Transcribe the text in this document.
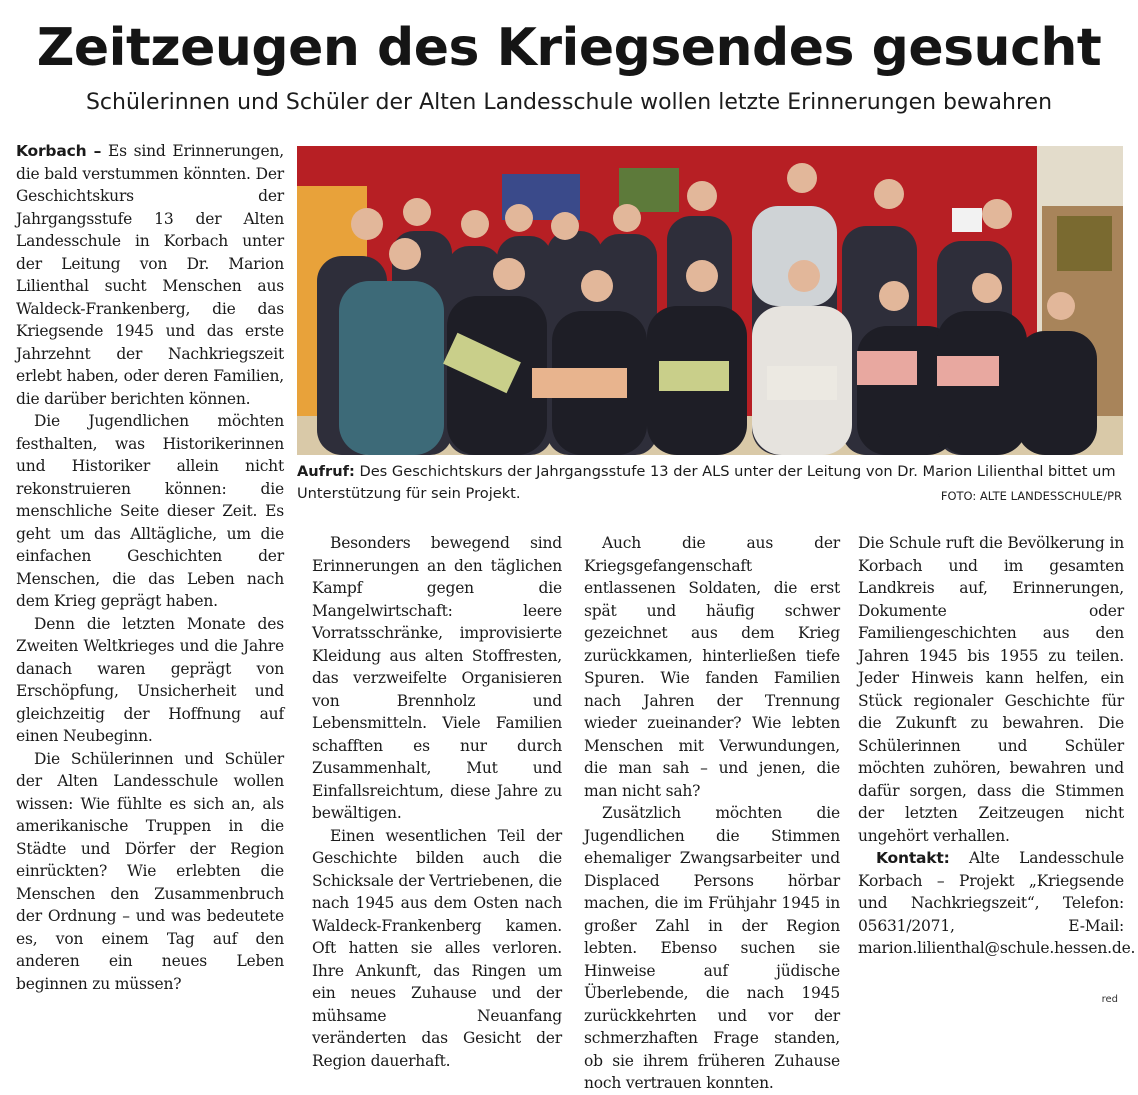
Zeitzeugen des Kriegsendes gesucht
Schülerinnen und Schüler der Alten Landesschule wollen letzte Erinnerungen bewahren

Korbach – Es sind Erinnerungen, die bald verstummen könnten. Der Geschichtskurs der Jahrgangsstufe 13 der Alten Landesschule in Korbach unter der Leitung von Dr. Marion Lilienthal sucht Menschen aus Waldeck-Frankenberg, die das Kriegsende 1945 und das erste Jahrzehnt der Nachkriegszeit erlebt haben, oder deren Familien, die darüber berichten können.

Die Jugendlichen möchten festhalten, was Historikerinnen und Historiker allein nicht rekonstruieren können: die menschliche Seite dieser Zeit. Es geht um das Alltägliche, um die einfachen Geschichten der Menschen, die das Leben nach dem Krieg geprägt haben.

Denn die letzten Monate des Zweiten Weltkrieges und die Jahre danach waren geprägt von Erschöpfung, Unsicherheit und gleichzeitig der Hoffnung auf einen Neubeginn.

Die Schülerinnen und Schüler der Alten Landesschule wollen wissen: Wie fühlte es sich an, als amerikanische Truppen in die Städte und Dörfer der Region einrückten? Wie erlebten die Menschen den Zusammenbruch der Ordnung – und was bedeutete es, von einem Tag auf den anderen ein neues Leben beginnen zu müssen?

Aufruf: Des Geschichtskurs der Jahrgangsstufe 13 der ALS unter der Leitung von Dr. Marion Lilienthal bittet um Unterstützung für sein Projekt.	FOTO: ALTE LANDESSCHULE/PR

Besonders bewegend sind Erinnerungen an den täglichen Kampf gegen die Mangelwirtschaft: leere Vorratsschränke, improvisierte Kleidung aus alten Stoffresten, das verzweifelte Organisieren von Brennholz und Lebensmitteln. Viele Familien schafften es nur durch Zusammenhalt, Mut und Einfallsreichtum, diese Jahre zu bewältigen.

Einen wesentlichen Teil der Geschichte bilden auch die Schicksale der Vertriebenen, die nach 1945 aus dem Osten nach Waldeck-Frankenberg kamen. Oft hatten sie alles verloren. Ihre Ankunft, das Ringen um ein neues Zuhause und der mühsame Neuanfang veränderten das Gesicht der Region dauerhaft.

Auch die aus der Kriegsgefangenschaft entlassenen Soldaten, die erst spät und häufig schwer gezeichnet aus dem Krieg zurückkamen, hinterließen tiefe Spuren. Wie fanden Familien nach Jahren der Trennung wieder zueinander? Wie lebten Menschen mit Verwundungen, die man sah – und jenen, die man nicht sah?

Zusätzlich möchten die Jugendlichen die Stimmen ehemaliger Zwangsarbeiter und Displaced Persons hörbar machen, die im Frühjahr 1945 in großer Zahl in der Region lebten. Ebenso suchen sie Hinweise auf jüdische Überlebende, die nach 1945 zurückkehrten und vor der schmerzhaften Frage standen, ob sie ihrem früheren Zuhause noch vertrauen konnten.

Die Schule ruft die Bevölkerung in Korbach und im gesamten Landkreis auf, Erinnerungen, Dokumente oder Familiengeschichten aus den Jahren 1945 bis 1955 zu teilen. Jeder Hinweis kann helfen, ein Stück regionaler Geschichte für die Zukunft zu bewahren. Die Schülerinnen und Schüler möchten zuhören, bewahren und dafür sorgen, dass die Stimmen der letzten Zeitzeugen nicht ungehört verhallen.

Kontakt: Alte Landesschule Korbach – Projekt „Kriegsende und Nachkriegszeit“, Telefon: 05631/2071, E-Mail: marion.lilienthal@schule.hessen.de.

red
